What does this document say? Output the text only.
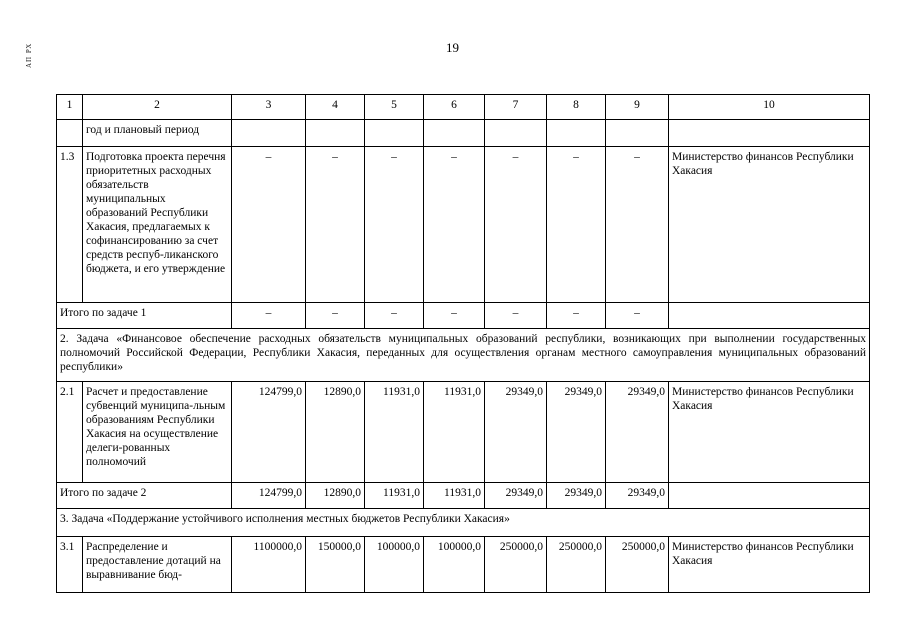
АП РХ	19
1	2	3	4	5	6	7	8	9	10
	год и плановый период								
1.3	Подготовка проекта перечня приоритетных расходных обязательств муниципальных образований Республики Хакасия, предлагаемых к софинансированию за счет средств респуб-ликанского бюджета, и его утверждение	–	–	–	–	–	–	–	Министерство финансов Республики Хакасия
Итого по задаче 1		–	–	–	–	–	–	–	
2. Задача «Финансовое обеспечение расходных обязательств муниципальных образований республики, возникающих при выполнении государственных полномочий Российской Федерации, Республики Хакасия, переданных для осуществления органам местного самоуправления муниципальных образований республики»									
2.1	Расчет и предоставление субвенций муниципа-льным образованиям Республики Хакасия на осуществление делеги-рованных полномочий	124799,0	12890,0	11931,0	11931,0	29349,0	29349,0	29349,0	Министерство финансов Республики Хакасия
Итого по задаче 2		124799,0	12890,0	11931,0	11931,0	29349,0	29349,0	29349,0	
3. Задача «Поддержание устойчивого исполнения местных бюджетов Республики Хакасия»									
3.1	Распределение и предоставление дотаций на выравнивание бюд-	1100000,0	150000,0	100000,0	100000,0	250000,0	250000,0	250000,0	Министерство финансов Республики Хакасия
